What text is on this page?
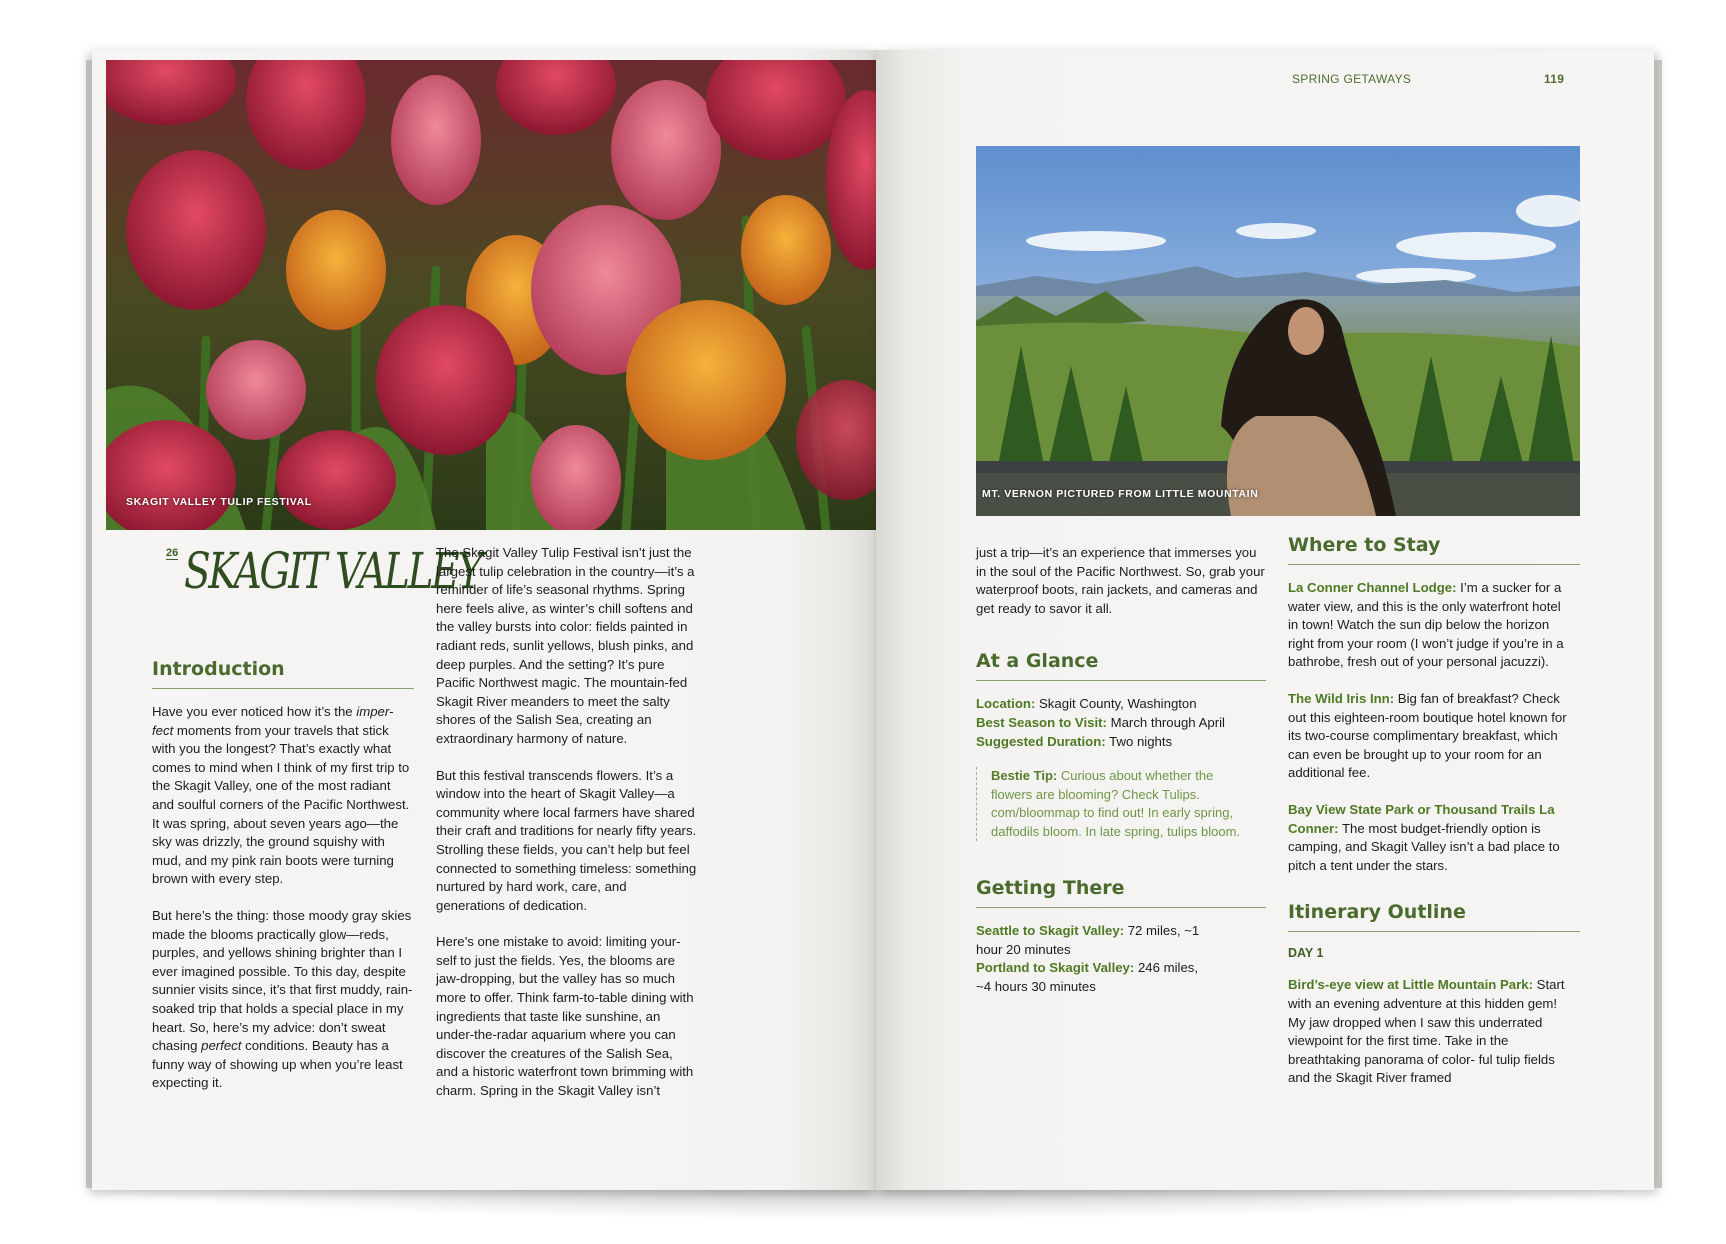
SKAGIT VALLEY TULIP FESTIVAL
26 SKAGIT VALLEY
Introduction

Have you ever noticed how it’s the imper- fect moments from your travels that stick with you the longest? That’s exactly what comes to mind when I think of my first trip to the Skagit Valley, one of the most radiant and soulful corners of the Pacific Northwest. It was spring, about seven years ago—the sky was drizzly, the ground squishy with mud, and my pink rain boots were turning brown with every step.

But here’s the thing: those moody gray skies made the blooms practically glow—reds, purples, and yellows shining brighter than I ever imagined possible. To this day, despite sunnier visits since, it’s that first muddy, rain-soaked trip that holds a special place in my heart. So, here’s my advice: don’t sweat chasing perfect conditions. Beauty has a funny way of showing up when you’re least expecting it.

The Skagit Valley Tulip Festival isn’t just the largest tulip celebration in the country—it’s a reminder of life’s seasonal rhythms. Spring here feels alive, as winter’s chill softens and the valley bursts into color: fields painted in radiant reds, sunlit yellows, blush pinks, and deep purples. And the setting? It’s pure Pacific Northwest magic. The mountain-fed Skagit River meanders to meet the salty shores of the Salish Sea, creating an extraordinary harmony of nature.

But this festival transcends flowers. It’s a window into the heart of Skagit Valley—a community where local farmers have shared their craft and traditions for nearly fifty years. Strolling these fields, you can’t help but feel connected to something timeless: something nurtured by hard work, care, and generations of dedication.

Here’s one mistake to avoid: limiting your- self to just the fields. Yes, the blooms are jaw-dropping, but the valley has so much more to offer. Think farm-to-table dining with ingredients that taste like sunshine, an under-the-radar aquarium where you can discover the creatures of the Salish Sea, and a historic waterfront town brimming with charm. Spring in the Skagit Valley isn’t

SPRING GETAWAYS	119
MT. VERNON PICTURED FROM LITTLE MOUNTAIN

just a trip—it’s an experience that immerses you in the soul of the Pacific Northwest. So, grab your waterproof boots, rain jackets, and cameras and get ready to savor it all.

At a Glance
Location: Skagit County, Washington
Best Season to Visit: March through April
Suggested Duration: Two nights
Bestie Tip: Curious about whether the flowers are blooming? Check Tulips. com/bloommap to find out! In early spring, daffodils bloom. In late spring, tulips bloom.
Getting There
Seattle to Skagit Valley: 72 miles, ~1 hour 20 minutes
Portland to Skagit Valley: 246 miles, ~4 hours 30 minutes
Where to Stay

La Conner Channel Lodge: I’m a sucker for a water view, and this is the only waterfront hotel in town! Watch the sun dip below the horizon right from your room (I won’t judge if you’re in a bathrobe, fresh out of your personal jacuzzi).

The Wild Iris Inn: Big fan of breakfast? Check out this eighteen-room boutique hotel known for its two-course complimentary breakfast, which can even be brought up to your room for an additional fee.

Bay View State Park or Thousand Trails La Conner: The most budget-friendly option is camping, and Skagit Valley isn’t a bad place to pitch a tent under the stars.

Itinerary Outline
DAY 1

Bird’s-eye view at Little Mountain Park: Start with an evening adventure at this hidden gem! My jaw dropped when I saw this underrated viewpoint for the first time. Take in the breathtaking panorama of color- ful tulip fields and the Skagit River framed
